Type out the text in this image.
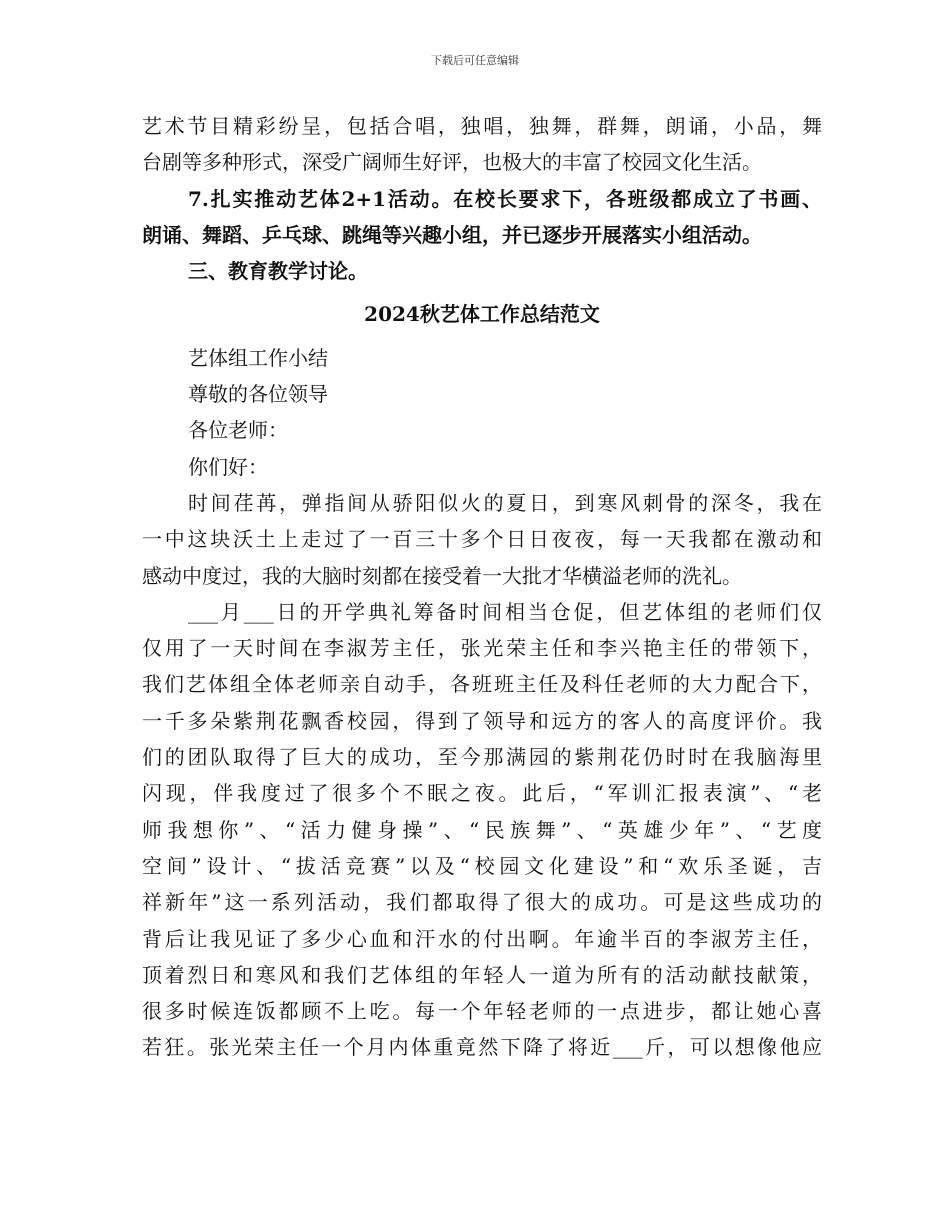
下载后可任意编辑
艺术节目精彩纷呈，包括合唱，独唱，独舞，群舞，朗诵，小品，舞
台剧等多种形式，深受广阔师生好评，也极大的丰富了校园文化生活。
7.扎实推动艺体2+1活动。在校长要求下，各班级都成立了书画、
朗诵、舞蹈、乒乓球、跳绳等兴趣小组，并已逐步开展落实小组活动。
三、教育教学讨论。
2024秋艺体工作总结范文
艺体组工作小结
尊敬的各位领导
各位老师：
你们好：
时间荏苒，弹指间从骄阳似火的夏日，到寒风刺骨的深冬，我在
一中这块沃土上走过了一百三十多个日日夜夜，每一天我都在激动和
感动中度过，我的大脑时刻都在接受着一大批才华横溢老师的洗礼。
___月___日的开学典礼筹备时间相当仓促，但艺体组的老师们仅
仅用了一天时间在李淑芳主任，张光荣主任和李兴艳主任的带领下，
我们艺体组全体老师亲自动手，各班班主任及科任老师的大力配合下，
一千多朵紫荆花飘香校园，得到了领导和远方的客人的高度评价。我
们的团队取得了巨大的成功，至今那满园的紫荆花仍时时在我脑海里
闪现，伴我度过了很多个不眠之夜。此后，“军训汇报表演”、“老
师我想你”、“活力健身操”、“民族舞”、“英雄少年”、“艺度
空间”设计、“拔活竞赛”以及“校园文化建设”和“欢乐圣诞，吉
祥新年”这一系列活动，我们都取得了很大的成功。可是这些成功的
背后让我见证了多少心血和汗水的付出啊。年逾半百的李淑芳主任，
顶着烈日和寒风和我们艺体组的年轻人一道为所有的活动献技献策，
很多时候连饭都顾不上吃。每一个年轻老师的一点进步，都让她心喜
若狂。张光荣主任一个月内体重竟然下降了将近___斤，可以想像他应
